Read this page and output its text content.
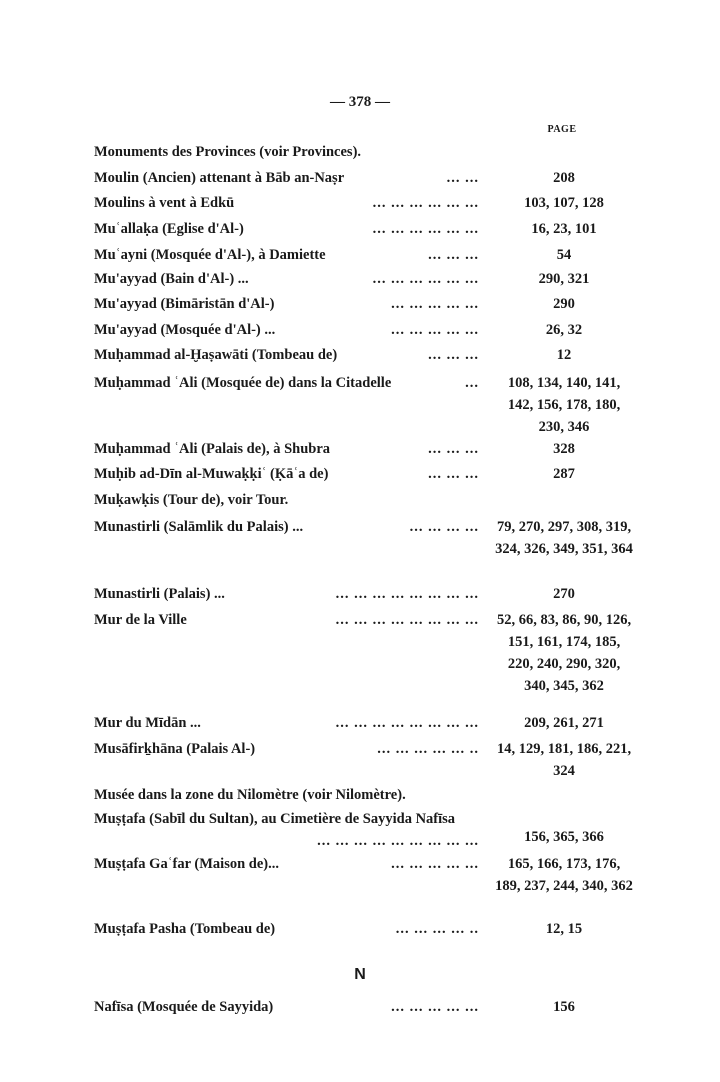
— 378 —
PAGE
Monuments des Provinces (voir Provinces).
Moulin (Ancien) attenant à Bāb an-Naṣr	... ...	208
Moulins à vent à Edkū	... ... ... ... ... ...	103, 107, 128
Muʿallaḳa (Eglise d'Al-)	... ... ... ... ... ...	16, 23, 101
Muʿayni (Mosquée d'Al-), à Damiette	... ... ...	54
Mu'ayyad (Bain d'Al-) ...	... ... ... ... ... ...	290, 321
Mu'ayyad (Bimāristān d'Al-)	... ... ... ... ...	290
Mu'ayyad (Mosquée d'Al-) ...	... ... ... ... ...	26, 32
Muḥammad al-Ḫaṣawāti (Tombeau de)	... ... ...	12
Muḥammad ʿAli (Mosquée de) dans la Citadelle	...	108, 134, 140, 141, 142, 156, 178, 180, 230, 346
Muḥammad ʿAli (Palais de), à Shubra	... ... ...	328
Muḥib ad-Dīn al-Muwaḳḳiʿ (Ḳāʿa de)	... ... ...	287
Muḳawḳis (Tour de), voir Tour.
Munastirli (Salāmlik du Palais) ...	... ... ... ... 79, 270, 297, 308, 319, 324, 326, 349, 351, 364
Munastirli (Palais) ...	... ... ... ... ... ... ... ...	270
Mur de la Ville	... ... ... ... ... ... ... ... 52, 66, 83, 86, 90, 126, 151, 161, 174, 185, 220, 240, 290, 320, 340, 345, 362
Mur du Mīdān ...	... ... ... ... ... ... ... ...	209, 261, 271
Musāfirḵhāna (Palais Al-)	... ... ... ... ... .. 14, 129, 181, 186, 221, 324
Musée dans la zone du Nilomètre (voir Nilomètre).
Muṣṭafa (Sabīl du Sultan), au Cimetière de Sayyida Nafīsa
... ... ... ... ... ... ... ... ...	156, 365, 366
Muṣṭafa Gaʿfar (Maison de)...	... ... ... ... ...	165, 166, 173, 176, 189, 237, 244, 340, 362
Muṣṭafa Pasha (Tombeau de)	... ... ... ... ..	12, 15
N
Nafīsa (Mosquée de Sayyida)	... ... ... ... ...	156
